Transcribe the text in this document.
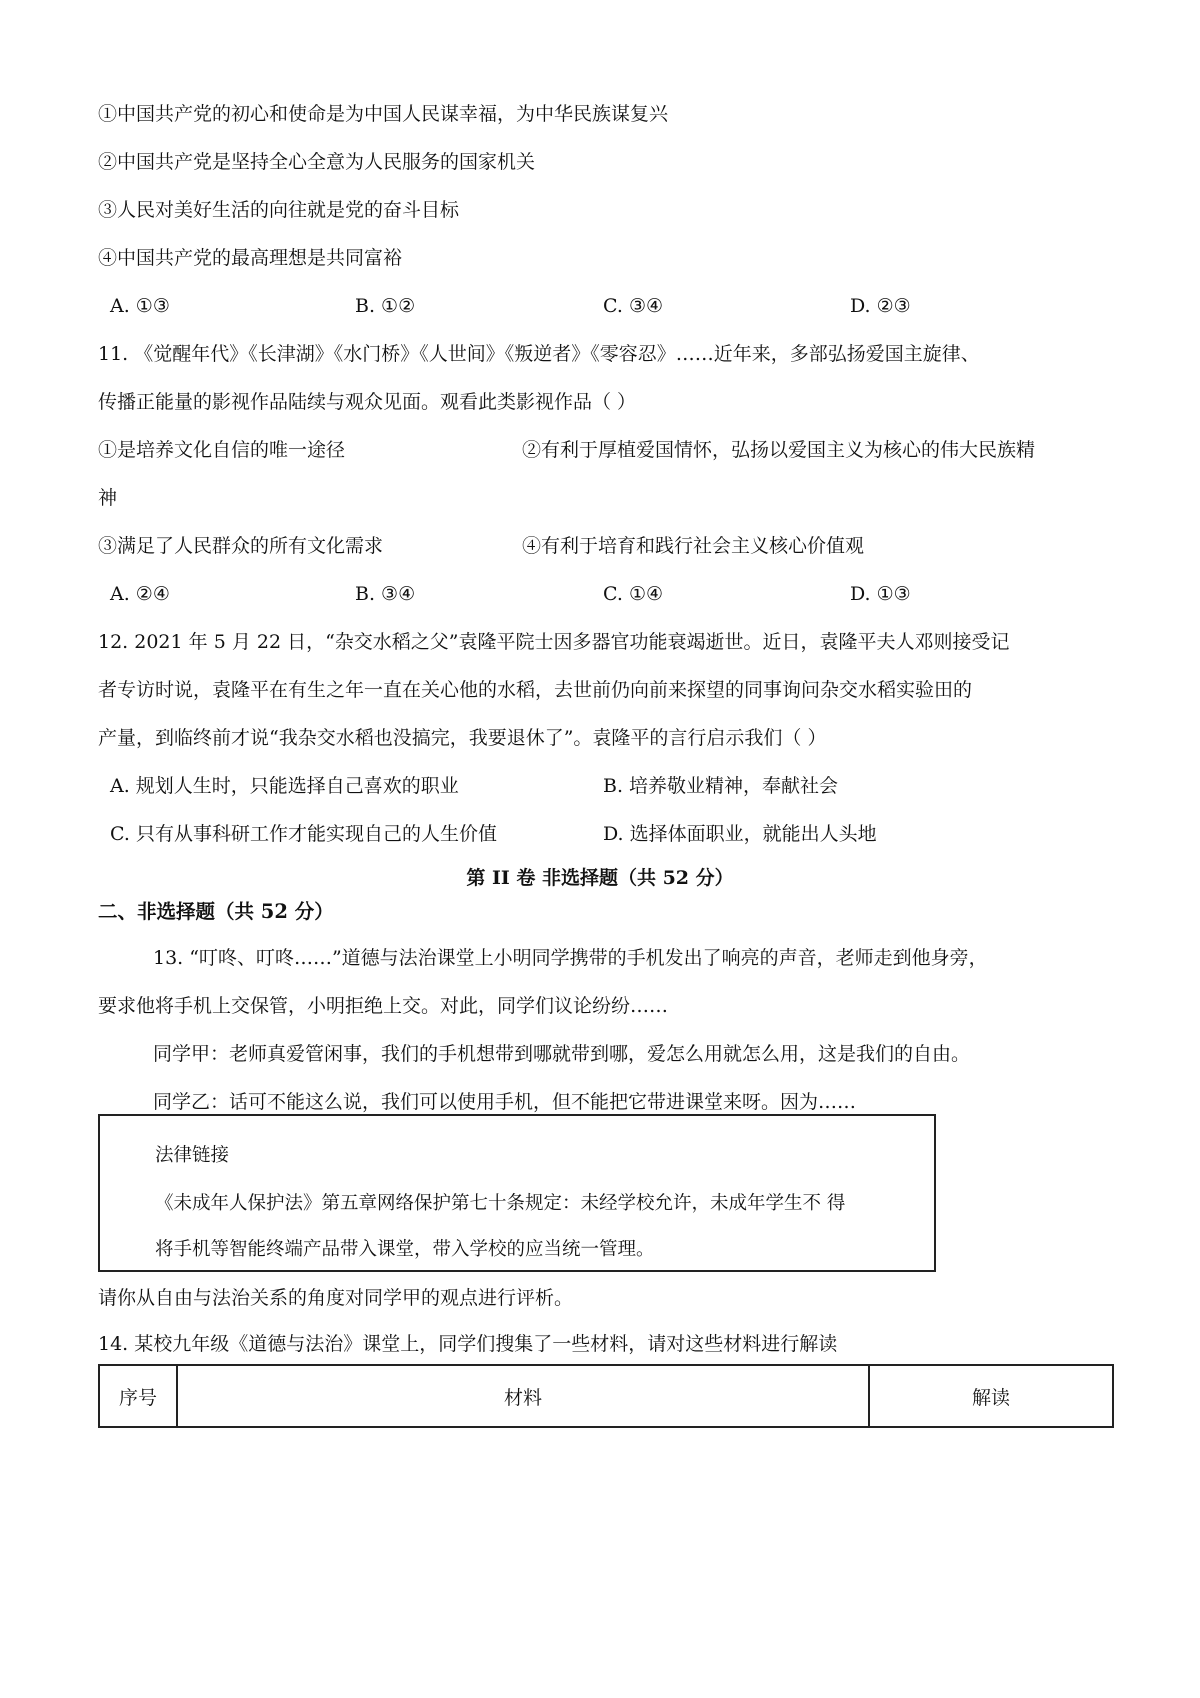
①中国共产党的初心和使命是为中国人民谋幸福，为中华民族谋复兴
②中国共产党是坚持全心全意为人民服务的国家机关
③人民对美好生活的向往就是党的奋斗目标
④中国共产党的最高理想是共同富裕
A. ①③	B. ①②	C. ③④	D. ②③
11. 《觉醒年代》《长津湖》《水门桥》《人世间》《叛逆者》《零容忍》……近年来，多部弘扬爱国主旋律、
传播正能量的影视作品陆续与观众见面。观看此类影视作品（ ）
①是培养文化自信的唯一途径	②有利于厚植爱国情怀，弘扬以爱国主义为核心的伟大民族精
神
③满足了人民群众的所有文化需求	④有利于培育和践行社会主义核心价值观
A. ②④	B. ③④	C. ①④	D. ①③
12. 2021 年 5 月 22 日，“杂交水稻之父”袁隆平院士因多器官功能衰竭逝世。近日，袁隆平夫人邓则接受记
者专访时说，袁隆平在有生之年一直在关心他的水稻，去世前仍向前来探望的同事询问杂交水稻实验田的
产量，到临终前才说“我杂交水稻也没搞完，我要退休了”。袁隆平的言行启示我们（ ）
A. 规划人生时，只能选择自己喜欢的职业	B. 培养敬业精神，奉献社会
C. 只有从事科研工作才能实现自己的人生价值	D. 选择体面职业，就能出人头地
第 II 卷 非选择题（共 52 分）
二、非选择题（共 52 分）
13. “叮咚、叮咚……”道德与法治课堂上小明同学携带的手机发出了响亮的声音，老师走到他身旁，
要求他将手机上交保管，小明拒绝上交。对此，同学们议论纷纷……
同学甲：老师真爱管闲事，我们的手机想带到哪就带到哪，爱怎么用就怎么用，这是我们的自由。
同学乙：话可不能这么说，我们可以使用手机，但不能把它带进课堂来呀。因为……
法律链接
《未成年人保护法》第五章网络保护第七十条规定：未经学校允许，未成年学生不 得
将手机等智能终端产品带入课堂，带入学校的应当统一管理。
请你从自由与法治关系的角度对同学甲的观点进行评析。
14. 某校九年级《道德与法治》课堂上，同学们搜集了一些材料，请对这些材料进行解读
序号	材料	解读
